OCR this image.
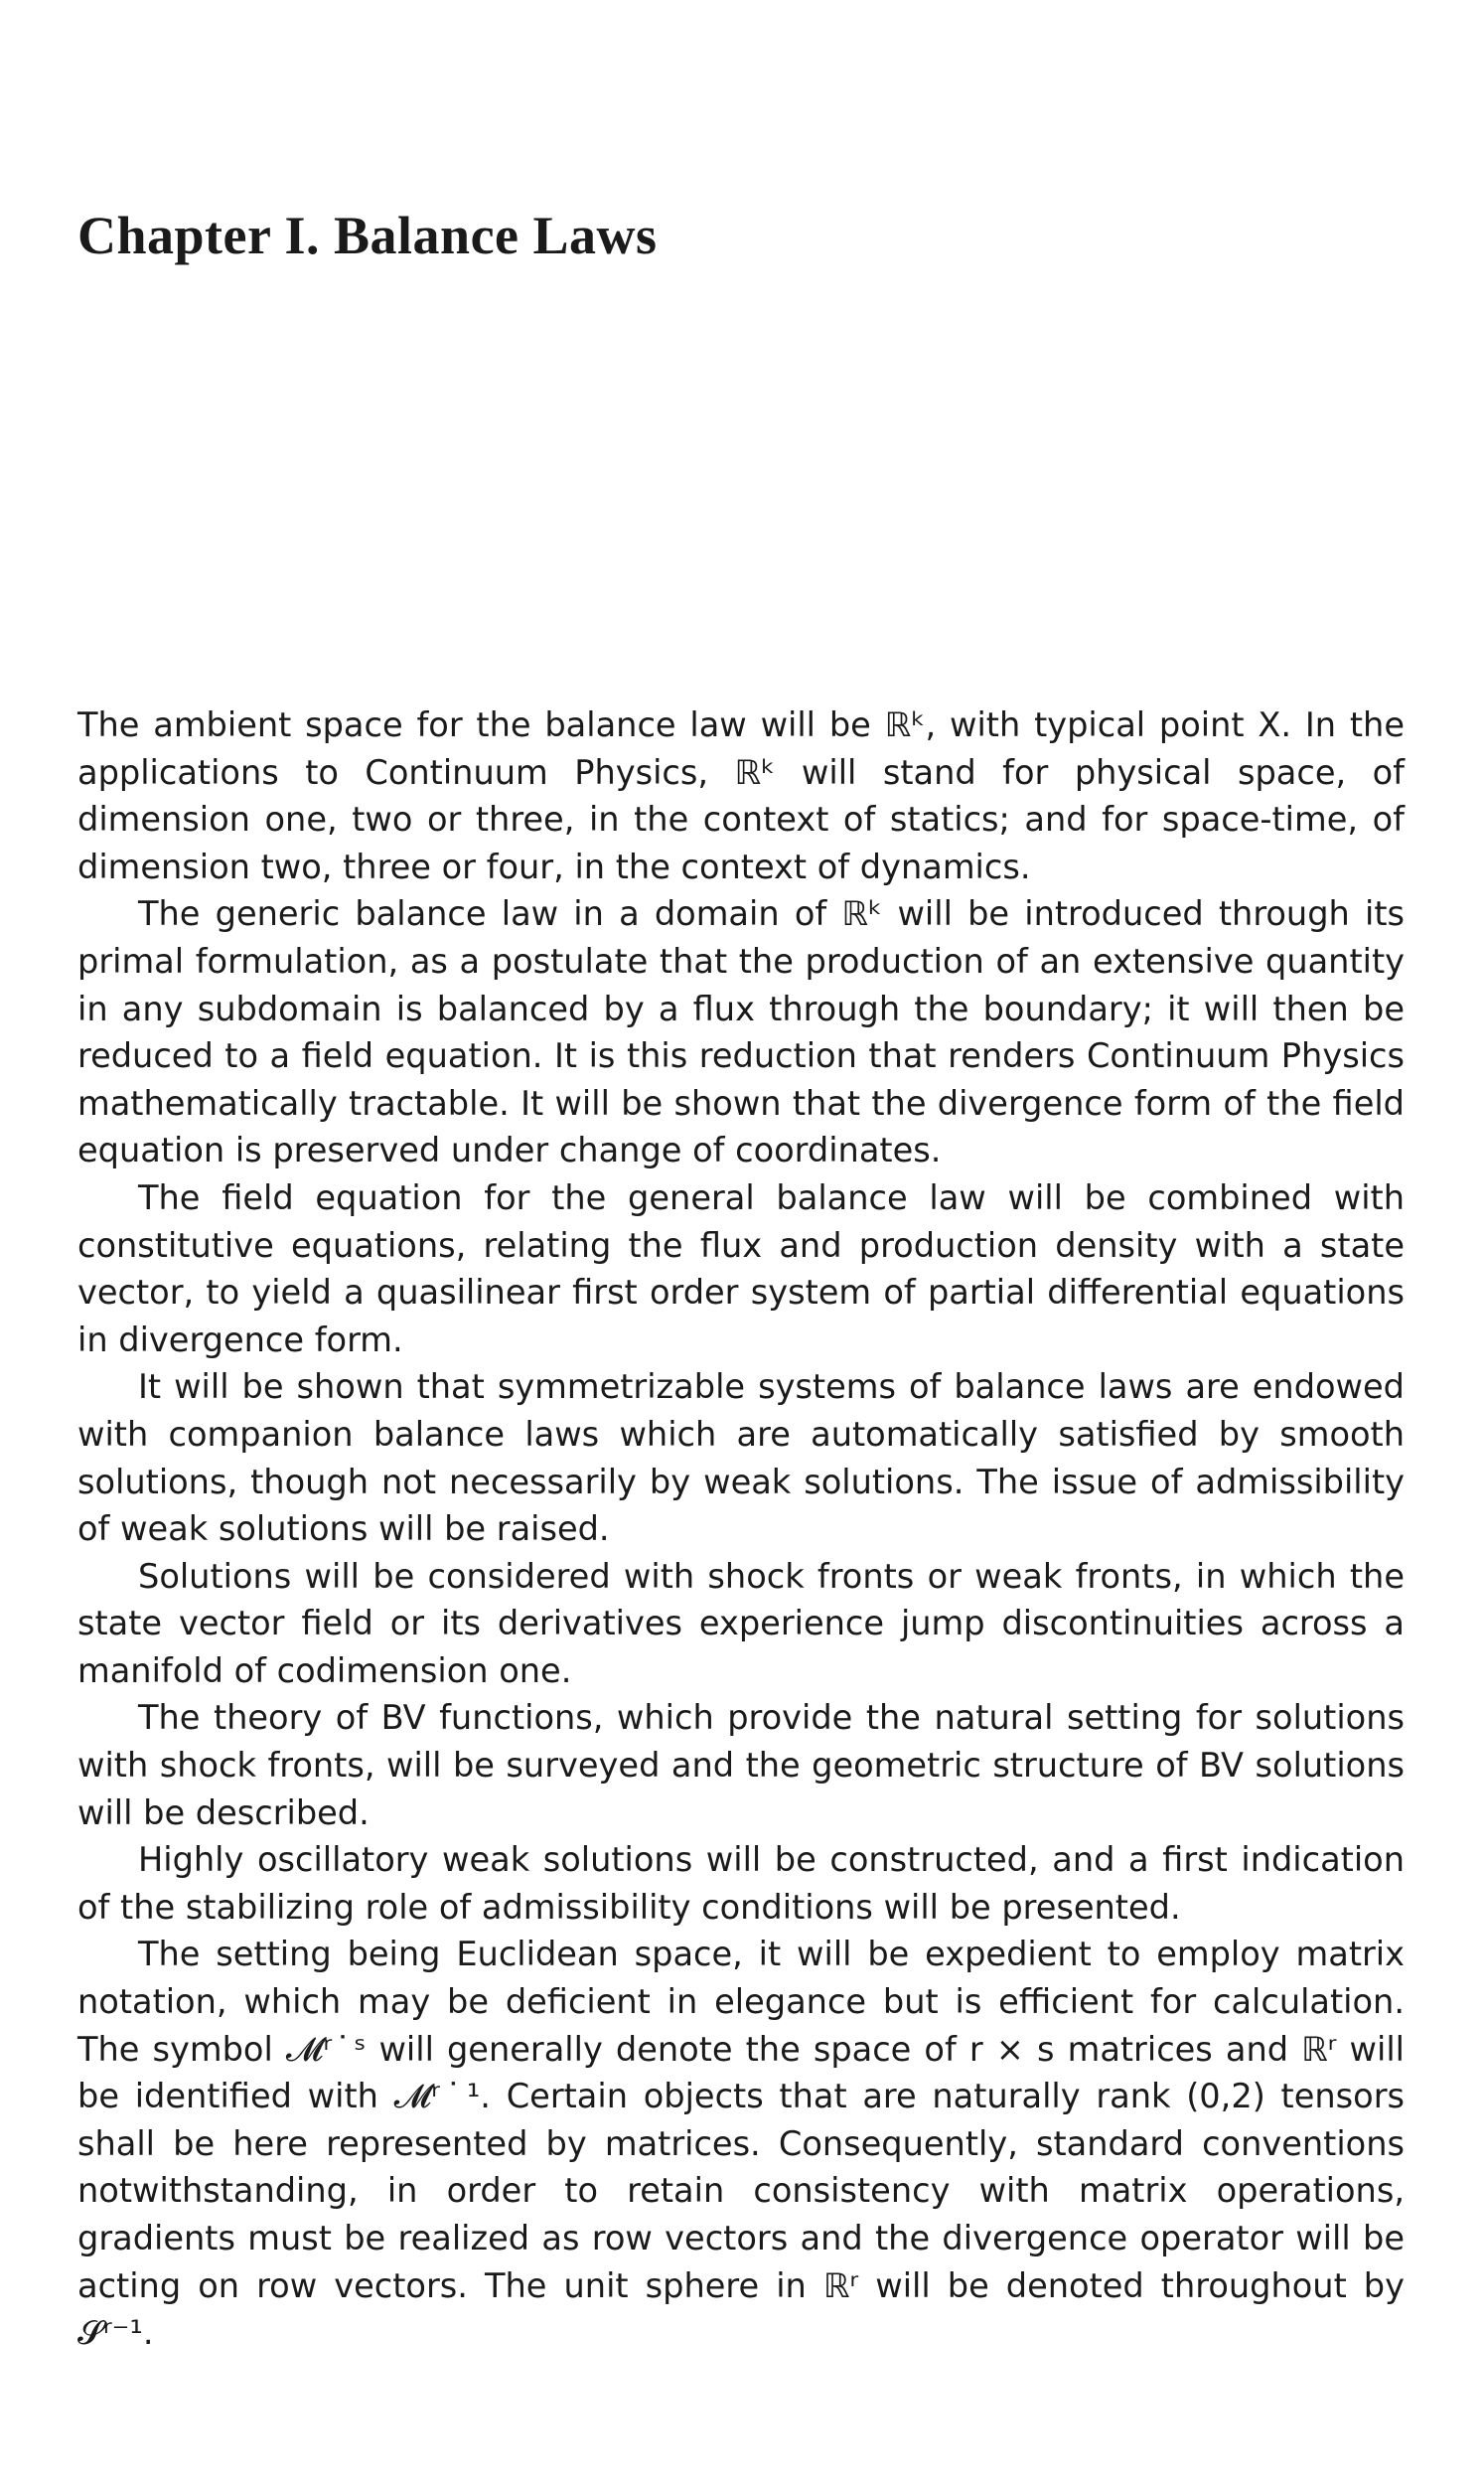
Chapter I. Balance Laws

The ambient space for the balance law will be ℝᵏ, with typical point X. In the applications to Continuum Physics, ℝᵏ will stand for physical space, of dimension one, two or three, in the context of statics; and for space-time, of dimension two, three or four, in the context of dynamics.

The generic balance law in a domain of ℝᵏ will be introduced through its primal formulation, as a postulate that the production of an extensive quantity in any subdomain is balanced by a flux through the boundary; it will then be reduced to a field equation. It is this reduction that renders Continuum Physics mathematically tractable. It will be shown that the divergence form of the field equation is preserved under change of coordinates.

The field equation for the general balance law will be combined with constitutive equations, relating the flux and production density with a state vector, to yield a quasilinear first order system of partial differential equations in divergence form.

It will be shown that symmetrizable systems of balance laws are endowed with companion balance laws which are automatically satisfied by smooth solutions, though not necessarily by weak solutions. The issue of admissibility of weak solutions will be raised.

Solutions will be considered with shock fronts or weak fronts, in which the state vector field or its derivatives experience jump discontinuities across a manifold of codimension one.

The theory of BV functions, which provide the natural setting for solutions with shock fronts, will be surveyed and the geometric structure of BV solutions will be described.

Highly oscillatory weak solutions will be constructed, and a first indication of the stabilizing role of admissibility conditions will be presented.

The setting being Euclidean space, it will be expedient to employ matrix notation, which may be deficient in elegance but is efficient for calculation. The symbol 𝓜ʳ˙ˢ will generally denote the space of r × s matrices and ℝʳ will be identified with 𝓜ʳ˙¹. Certain objects that are naturally rank (0,2) tensors shall be here represented by matrices. Consequently, standard conventions notwithstanding, in order to retain consistency with matrix operations, gradients must be realized as row vectors and the divergence operator will be acting on row vectors. The unit sphere in ℝʳ will be denoted throughout by 𝓢ʳ⁻¹.
